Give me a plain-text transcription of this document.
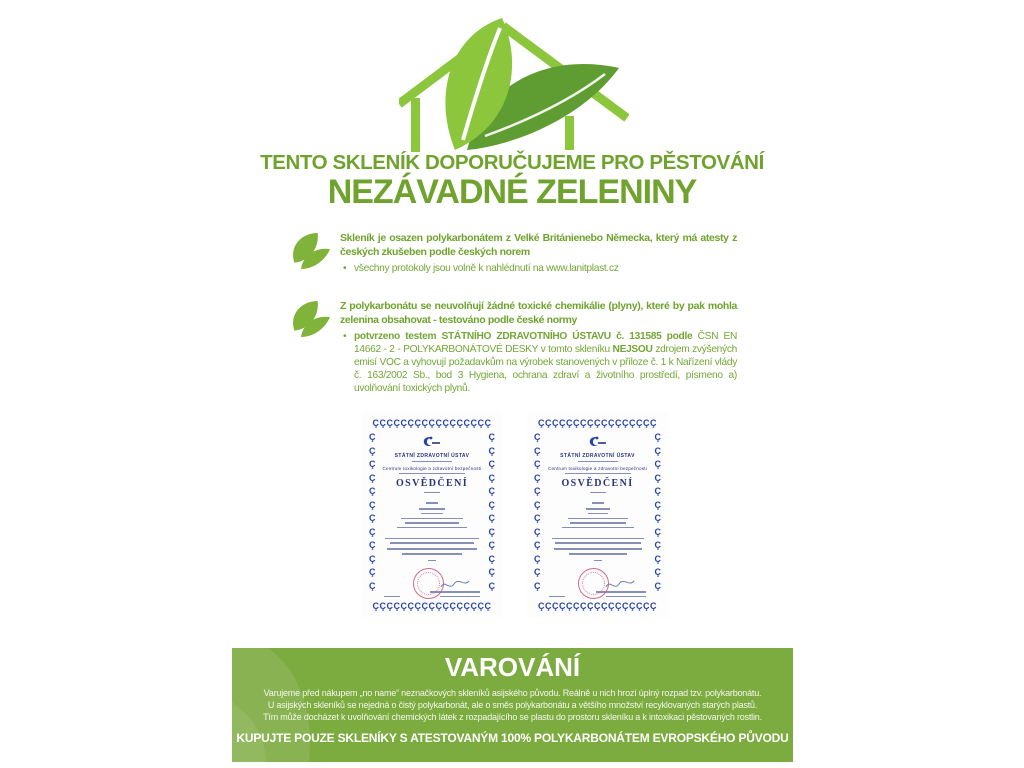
TENTO SKLENÍK DOPORUČUJEME PRO PĚSTOVÁNÍ
NEZÁVADNÉ ZELENINY

Skleník je osazen polykarbonátem z Velké Británienebo Německa, který má atesty z českých zkušeben podle českých norem

• všechny protokoly jsou volně k nahlédnutí na www.lanitplast.cz

Z polykarbonátu se neuvolňují žádné toxické chemikálie (plyny), které by pak mohla zelenina obsahovat - testováno podle české normy

• potvrzeno testem STÁTNÍHO ZDRAVOTNÍHO ÚSTAVU č. 131585 podle ČSN EN 14662 - 2 - POLYKARBONÁTOVÉ DESKY v tomto skleníku NEJSOU zdrojem zvýšených emisí VOC a vyhovují požadavkům na výrobek stanovených v příloze č. 1 k Nařízení vlády č. 163/2002 Sb., bod 3 Hygiena, ochrana zdraví a životního prostředí, písmeno a) uvolňování toxických plynů.

ÇÇÇÇÇÇÇÇÇÇÇÇÇÇÇÇÇ
ÇÇÇÇÇÇÇÇÇÇÇÇ
ÇÇÇÇÇÇÇÇÇÇÇÇ
ÇÇÇÇÇÇÇÇÇÇÇÇÇÇÇÇÇ
STÁTNÍ ZDRAVOTNÍ ÚSTAV
Centrum toxikologie a zdravotní bezpečnosti
OSVĚDČENÍ
ÇÇÇÇÇÇÇÇÇÇÇÇÇÇÇÇÇ
ÇÇÇÇÇÇÇÇÇÇÇÇ
ÇÇÇÇÇÇÇÇÇÇÇÇ
ÇÇÇÇÇÇÇÇÇÇÇÇÇÇÇÇÇ
STÁTNÍ ZDRAVOTNÍ ÚSTAV
Centrum toxikologie a zdravotní bezpečnosti
OSVĚDČENÍ
VAROVÁNÍ
Varujeme před nákupem „no name“ neznačkových skleníků asijského původu. Reálně u nich hrozí úplný rozpad tzv. polykarbonátu.
U asijských skleníků se nejedná o čistý polykarbonát, ale o směs polykarbonátu a většího množství recyklovaných starých plastů.
Tím může docházet k uvolňování chemických látek z rozpadajícího se plastu do prostoru skleníku a k intoxikaci pěstovaných rostlin.
KUPUJTE POUZE SKLENÍKY S ATESTOVANÝM 100% POLYKARBONÁTEM EVROPSKÉHO PŮVODU
